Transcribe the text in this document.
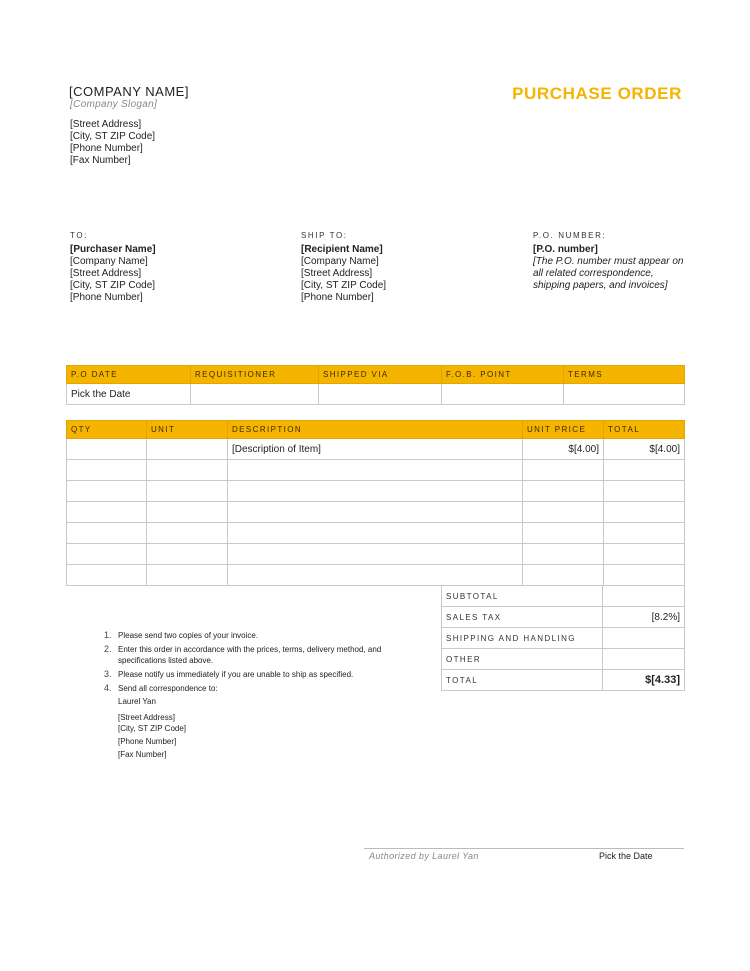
[COMPANY NAME]
[Company Slogan]
[Street Address]
[City, ST ZIP Code]
[Phone Number]
[Fax Number]
PURCHASE ORDER
TO:
[Purchaser Name]
[Company Name]
[Street Address]
[City, ST ZIP Code]
[Phone Number]
SHIP TO:
[Recipient Name]
[Company Name]
[Street Address]
[City, ST ZIP Code]
[Phone Number]
P.O. NUMBER:
[P.O. number]
[The P.O. number must appear on all related correspondence, shipping papers, and invoices]
P.O DATE	REQUISITIONER	SHIPPED VIA	F.O.B. POINT	TERMS
Pick the Date				
QTY	UNIT	DESCRIPTION	UNIT PRICE	TOTAL
		[Description of Item]	$[4.00]	$[4.00]

SUBTOTAL	
SALES TAX	[8.2%]
SHIPPING AND HANDLING	
OTHER	
TOTAL	$[4.33]
1. Please send two copies of your invoice.
2. Enter this order in accordance with the prices, terms, delivery method, and specifications listed above.
3. Please notify us immediately if you are unable to ship as specified.
4. Send all correspondence to:
Laurel Yan
[Street Address]
[City, ST ZIP Code]
[Phone Number]
[Fax Number]
Authorized by Laurel Yan	Pick the Date
